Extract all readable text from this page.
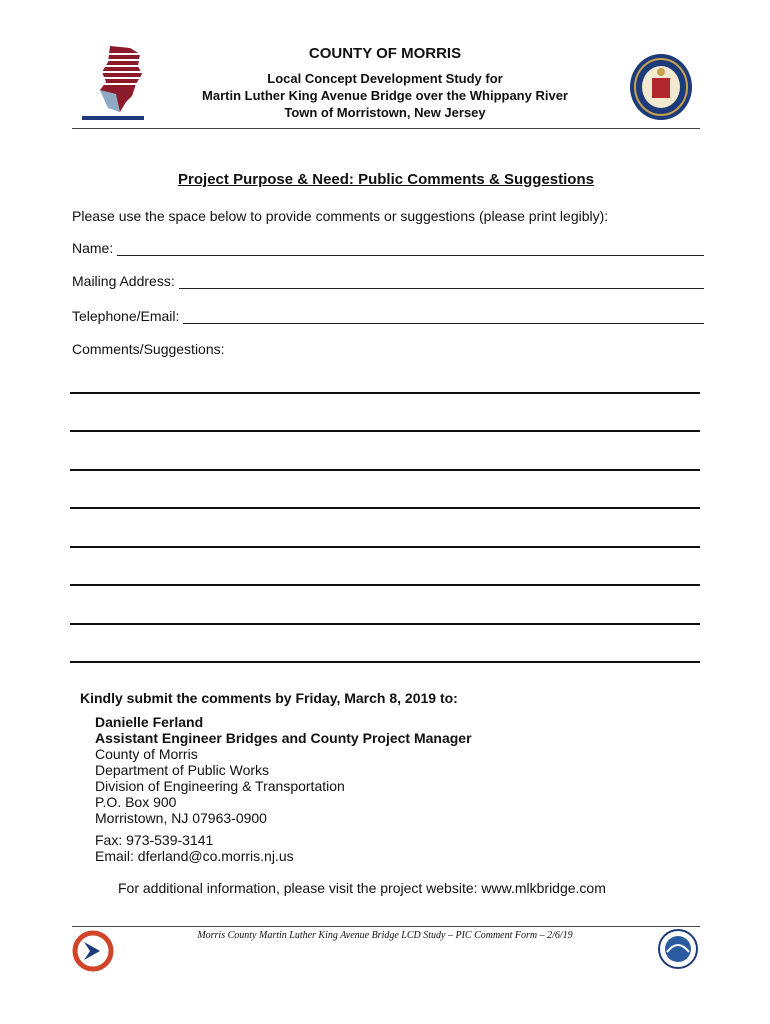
COUNTY OF MORRIS
Local Concept Development Study for
Martin Luther King Avenue Bridge over the Whippany River
Town of Morristown, New Jersey
Project Purpose & Need: Public Comments & Suggestions
Please use the space below to provide comments or suggestions (please print legibly):
Name:
Mailing Address:
Telephone/Email:
Comments/Suggestions:
Kindly submit the comments by Friday, March 8, 2019 to:
Danielle Ferland
Assistant Engineer Bridges and County Project Manager
County of Morris
Department of Public Works
Division of Engineering & Transportation
P.O. Box 900
Morristown, NJ 07963-0900
Fax: 973-539-3141
Email: dferland@co.morris.nj.us
For additional information, please visit the project website: www.mlkbridge.com
Morris County Martin Luther King Avenue Bridge LCD Study – PIC Comment Form – 2/6/19
